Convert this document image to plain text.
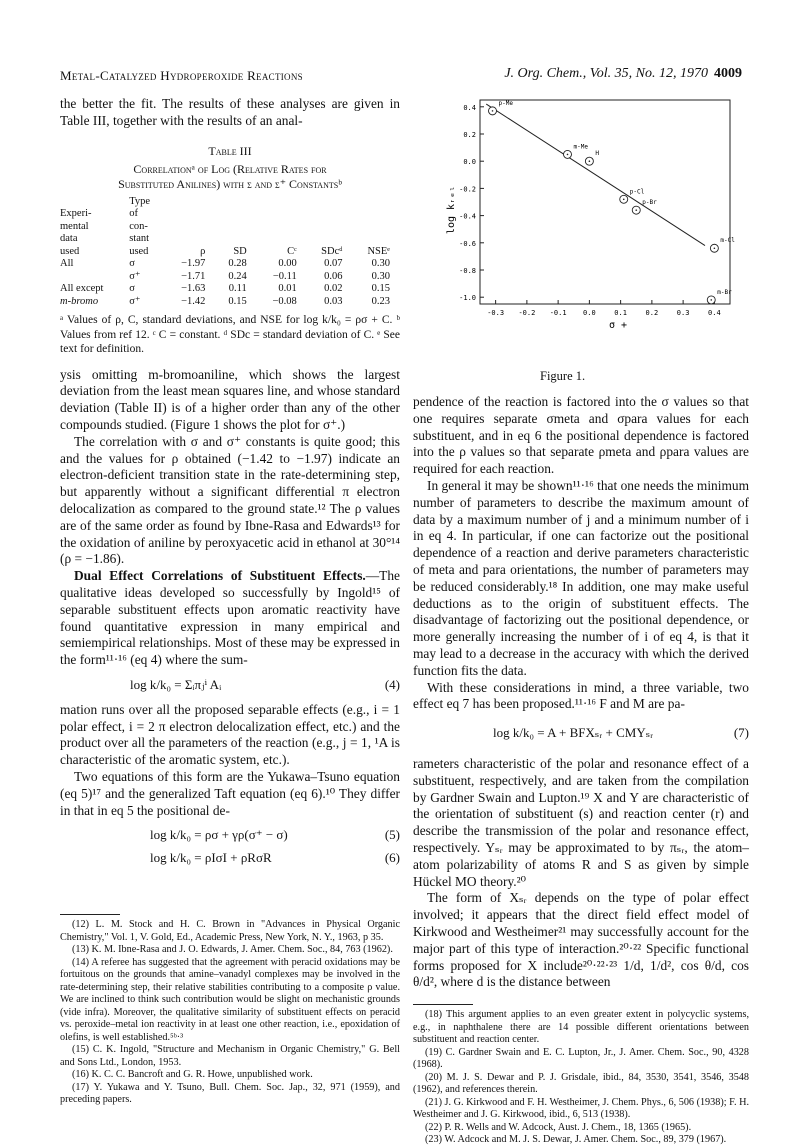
Metal-Catalyzed Hydroperoxide Reactions	J. Org. Chem., Vol. 35, No. 12, 1970 4009

the better the fit. The results of these analyses are given in Table III, together with the results of an anal-

Table III
Correlationᵃ of Log (Relative Rates for
Substituted Anilines) with σ and σ⁺ Constantsᵇ
Experi-
mental
data
used	Type
of
con-
stant
used	ρ	SD	Cᶜ	SDcᵈ	NSEᵉ
All	σ	−1.97	0.28	0.00	0.07	0.30
	σ⁺	−1.71	0.24	−0.11	0.06	0.30
All except	σ	−1.63	0.11	0.01	0.02	0.15
m-bromo	σ⁺	−1.42	0.15	−0.08	0.03	0.23
ᵃ Values of ρ, C, standard deviations, and NSE for log k/k₀ = ρσ + C. ᵇ Values from ref 12. ᶜ C = constant. ᵈ SDc = standard deviation of C. ᵉ See text for definition.

ysis omitting m-bromoaniline, which shows the largest deviation from the least mean squares line, and whose standard deviation (Table II) is of a higher order than any of the other compounds studied. (Figure 1 shows the plot for σ⁺.)

The correlation with σ and σ⁺ constants is quite good; this and the values for ρ obtained (−1.42 to −1.97) indicate an electron-deficient transition state in the rate-determining step, but apparently without a significant differential π electron delocalization as compared to the ground state.¹² The ρ values are of the same order as found by Ibne-Rasa and Edwards¹³ for the oxidation of aniline by peroxyacetic acid in ethanol at 30°¹⁴ (ρ = −1.86).

Dual Effect Correlations of Substituent Effects.—The qualitative ideas developed so successfully by Ingold¹⁵ of separable substituent effects upon aromatic reactivity have found quantitative expression in many empirical and semiempirical relationships. Most of these may be expressed in the form¹¹·¹⁶ (eq 4) where the sum-

log k/k₀ = Σᵢπⱼⁱ Aᵢ	(4)

mation runs over all the proposed separable effects (e.g., i = 1 polar effect, i = 2 π electron delocalization effect, etc.) and the product over all the parameters of the reaction (e.g., j = 1, ¹A is characteristic of the aromatic system, etc.).

Two equations of this form are the Yukawa–Tsuno equation (eq 5)¹⁷ and the generalized Taft equation (eq 6).¹⁰ They differ in that in eq 5 the positional de-

log k/k₀ = ρσ + γρ(σ⁺ − σ)	(5)
log k/k₀ = ρIσI + ρRσR	(6)

(12) L. M. Stock and H. C. Brown in "Advances in Physical Organic Chemistry," Vol. 1, V. Gold, Ed., Academic Press, New York, N. Y., 1963, p 35.

(13) K. M. Ibne-Rasa and J. O. Edwards, J. Amer. Chem. Soc., 84, 763 (1962).

(14) A referee has suggested that the agreement with peracid oxidations may be fortuitous on the grounds that amine–vanadyl complexes may be involved in the rate-determining step, their relative stabilities contributing to a composite ρ value. We are inclined to think such contribution would be slight on mechanistic grounds (vide infra). Moreover, the qualitative similarity of substituent effects on peracid vs. peroxide–metal ion reactivity in at least one other reaction, i.e., epoxidation of olefins, is well established.⁵ᵇ·³

(15) C. K. Ingold, "Structure and Mechanism in Organic Chemistry," G. Bell and Sons Ltd., London, 1953.

(16) K. C. C. Bancroft and G. R. Howe, unpublished work.

(17) Y. Yukawa and Y. Tsuno, Bull. Chem. Soc. Jap., 32, 971 (1959), and preceding papers.

0.4
0.2
0.0
-0.2
-0.4
-0.6
-0.8
-1.0
-0.3 -0.2 -0.1 0.0	0.1	0.2	0.3	0.4
p-Me
m-Me
H
p-Cl
p-Br
m-Cl
m-Br
log kᵣₑₗ
σ +
Figure 1.

pendence of the reaction is factored into the σ values so that one requires separate σmeta and σpara values for each substituent, and in eq 6 the positional dependence is factored into the ρ values so that separate ρmeta and ρpara values are required for each reaction.

In general it may be shown¹¹·¹⁶ that one needs the minimum number of parameters to describe the maximum amount of data by a maximum number of j and a minimum number of i in eq 4. In particular, if one can factorize out the positional dependence of a reaction and derive parameters characteristic of meta and para orientations, the number of parameters may be reduced considerably.¹⁸ In addition, one may make useful deductions as to the origin of substituent effects. The disadvantage of factorizing out the positional dependence, or more generally increasing the number of i of eq 4, is that it may lead to a decrease in the accuracy with which the derived function fits the data.

With these considerations in mind, a three variable, two effect eq 7 has been proposed.¹¹·¹⁶ F and M are pa-

log k/k₀ = A + BFXₛᵣ + CMYₛᵣ	(7)

rameters characteristic of the polar and resonance effect of a substituent, respectively, and are taken from the compilation by Gardner Swain and Lupton.¹⁹ X and Y are characteristic of the orientation of substituent (s) and reaction center (r) and describe the transmission of the polar and resonance effect, respectively. Yₛᵣ may be approximated to by πₛᵣ, the atom–atom polarizability of atoms R and S as given by simple Hückel MO theory.²⁰

The form of Xₛᵣ depends on the type of polar effect involved; it appears that the direct field effect model of Kirkwood and Westheimer²¹ may successfully account for the major part of this type of interaction.²⁰·²² Specific functional forms proposed for X include²⁰·²²·²³ 1/d, 1/d², cos θ/d, cos θ/d², where d is the distance between

(18) This argument applies to an even greater extent in polycyclic systems, e.g., in naphthalene there are 14 possible different orientations between substituent and reaction center.

(19) C. Gardner Swain and E. C. Lupton, Jr., J. Amer. Chem. Soc., 90, 4328 (1968).

(20) M. J. S. Dewar and P. J. Grisdale, ibid., 84, 3530, 3541, 3546, 3548 (1962), and references therein.

(21) J. G. Kirkwood and F. H. Westheimer, J. Chem. Phys., 6, 506 (1938); F. H. Westheimer and J. G. Kirkwood, ibid., 6, 513 (1938).

(22) P. R. Wells and W. Adcock, Aust. J. Chem., 18, 1365 (1965).

(23) W. Adcock and M. J. S. Dewar, J. Amer. Chem. Soc., 89, 379 (1967).
